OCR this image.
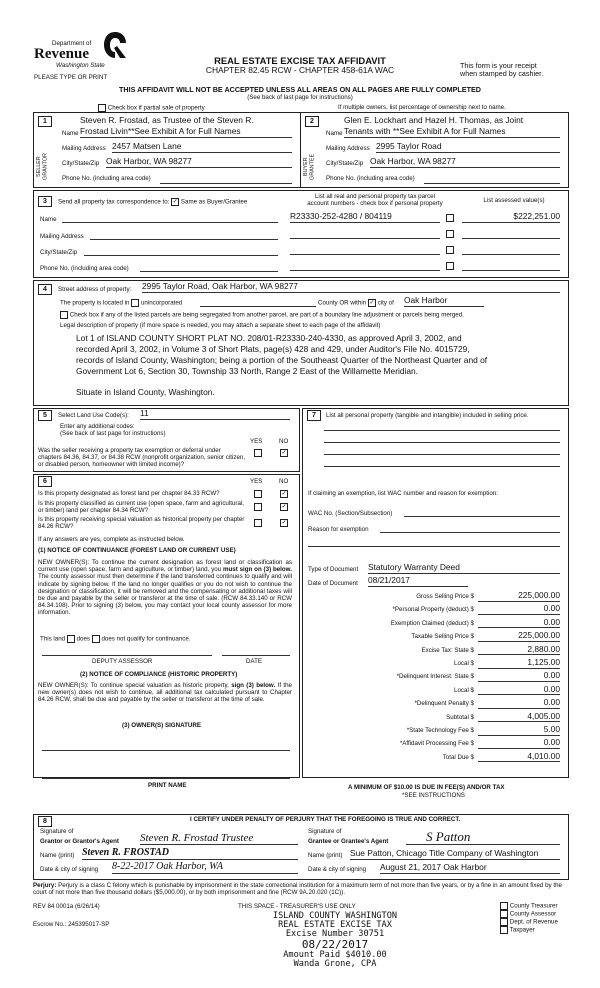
Department of
Revenue
Washington State
PLEASE TYPE OR PRINT
REAL ESTATE EXCISE TAX AFFIDAVIT
CHAPTER 82.45 RCW - CHAPTER 458-61A WAC	This form is your receipt
when stamped by cashier.
THIS AFFIDAVIT WILL NOT BE ACCEPTED UNLESS ALL AREAS ON ALL PAGES ARE FULLY COMPLETED
(See back of last page for instructions)
Check box if partial sale of property	If multiple owners, list percentage of ownership next to name.
1
SELLER GRANTOR
Steven R. Frostad, as Trustee of the Steven R.
Name Frostad Livin**See Exhibit A for Full Names
Mailing Address 2457 Matsen Lane
City/State/Zip Oak Harbor, WA 98277
Phone No. (including area code)
2
BUYER GRANTEE
Glen E. Lockhart and Hazel H. Thomas, as Joint
Name Tenants with **See Exhibit A for Full Names
Mailing Address 2995 Taylor Road
City/State/Zip Oak Harbor, WA 98277
Phone No. (including area code)
3	Send all property tax correspondence to: ✓ Same as Buyer/Grantee
Name
Mailing Address
City/State/Zip
Phone No. (including area code)
List all real and personal property tax parcel
account numbers - check box if personal property	List assessed value(s)
R23330-252-4280 / 804119	$222,251.00
4	Street address of property: 2995 Taylor Road, Oak Harbor, WA 98277
The property is located in unincorporated	County OR within ✓ city of Oak Harbor
Check box if any of the listed parcels are being segregated from another parcel, are part of a boundary line adjustment or parcels being merged.
Legal description of property (if more space is needed, you may attach a separate sheet to each page of the affidavit)
Lot 1 of ISLAND COUNTY SHORT PLAT NO. 208/01-R23330-240-4330, as approved April 3, 2002, and
recorded April 3, 2002, in Volume 3 of Short Plats, page(s) 428 and 429, under Auditor's File No. 4015729,
records of Island County, Washington; being a portion of the Southeast Quarter of the Northeast Quarter and of
Government Lot 6, Section 30, Township 33 North, Range 2 East of the Willamette Meridian.
Situate in Island County, Washington.
5	Select Land Use Code(s): 11
Enter any additional codes:
(See back of last page for instructions)
YES	NO
Was the seller receiving a property tax exemption or deferral under chapters 84.36, 84.37, or 84.38 RCW (nonprofit organization, senior citizen, or disabled person, homeowner with limited income)?
✓
6	YES	NO
Is this property designated as forest land per chapter 84.33 RCW?	✓
Is this property classified as current use (open space, farm and agricultural, or timber) land per chapter 84.34 RCW?
✓
Is this property receiving special valuation as historical property per chapter 84.26 RCW?
✓
If any answers are yes, complete as instructed below.
(1) NOTICE OF CONTINUANCE (FOREST LAND OR CURRENT USE)
NEW OWNER(S): To continue the current designation as forest land or classification as current use (open space, farm and agriculture, or timber) land, you must sign on (3) below. The county assessor must then determine if the land transferred continues to qualify and will indicate by signing below. If the land no longer qualifies or you do not wish to continue the designation or classification, it will be removed and the compensating or additional taxes will be due and payable by the seller or transferor at the time of sale. (RCW 84.33.140 or RCW 84.34.108). Prior to signing (3) below, you may contact your local county assessor for more information.
This land does does not qualify for continuance.
DEPUTY ASSESSOR	DATE
(2) NOTICE OF COMPLIANCE (HISTORIC PROPERTY)
NEW OWNER(S): To continue special valuation as historic property, sign (3) below. If the new owner(s) does not wish to continue, all additional tax calculated pursuant to Chapter 84.26 RCW, shall be due and payable by the seller or transferor at the time of sale.
(3) OWNER(S) SIGNATURE
PRINT NAME
7	List all personal property (tangible and intangible) included in selling price.
If claiming an exemption, list WAC number and reason for exemption:
WAC No. (Section/Subsection)
Reason for exemption
Type of Document Statutory Warranty Deed
Date of Document 08/21/2017
Gross Selling Price $	225,000.00
*Personal Property (deduct) $	0.00
Exemption Claimed (deduct) $	0.00
Taxable Selling Price $	225,000.00
Excise Tax: State $	2,880.00
Local $	1,125.00
*Delinquent Interest: State $	0.00
Local $	0.00
*Delinquent Penalty $	0.00
Subtotal $	4,005.00
*State Technology Fee $	5.00
*Affidavit Processing Fee $	0.00
Total Due $	4,010.00
A MINIMUM OF $10.00 IS DUE IN FEE(S) AND/OR TAX
*SEE INSTRUCTIONS
8	I CERTIFY UNDER PENALTY OF PERJURY THAT THE FOREGOING IS TRUE AND CORRECT.
Signature of
Grantor or Grantor's Agent Steven R. Frostad Trustee
Name (print) Steven R. FROSTAD
Date & city of signing 8-22-2017 Oak Harbor, WA
Signature of
Grantee or Grantee's Agent	S Patton
Name (print) Sue Patton, Chicago Title Company of Washington
Date & city of signing August 21, 2017 Oak Harbor
Perjury: Perjury is a class C felony which is punishable by imprisonment in the state correctional institution for a maximum term of not more than five years, or by a fine in an amount fixed by the court of not more than five thousand dollars ($5,000.00), or by both imprisonment and fine (RCW 9A.20.020 (1C)).
REV 84 0001a (6/26/14)	THIS SPACE - TREASURER'S USE ONLY
Escrow No.: 245395017-SP
ISLAND COUNTY WASHINGTON
REAL ESTATE EXCISE TAX
Excise Number 30751
08/22/2017
Amount Paid $4010.00
Wanda Grone, CPA
County Treasurer
County Assessor
Dept. of Revenue
Taxpayer
